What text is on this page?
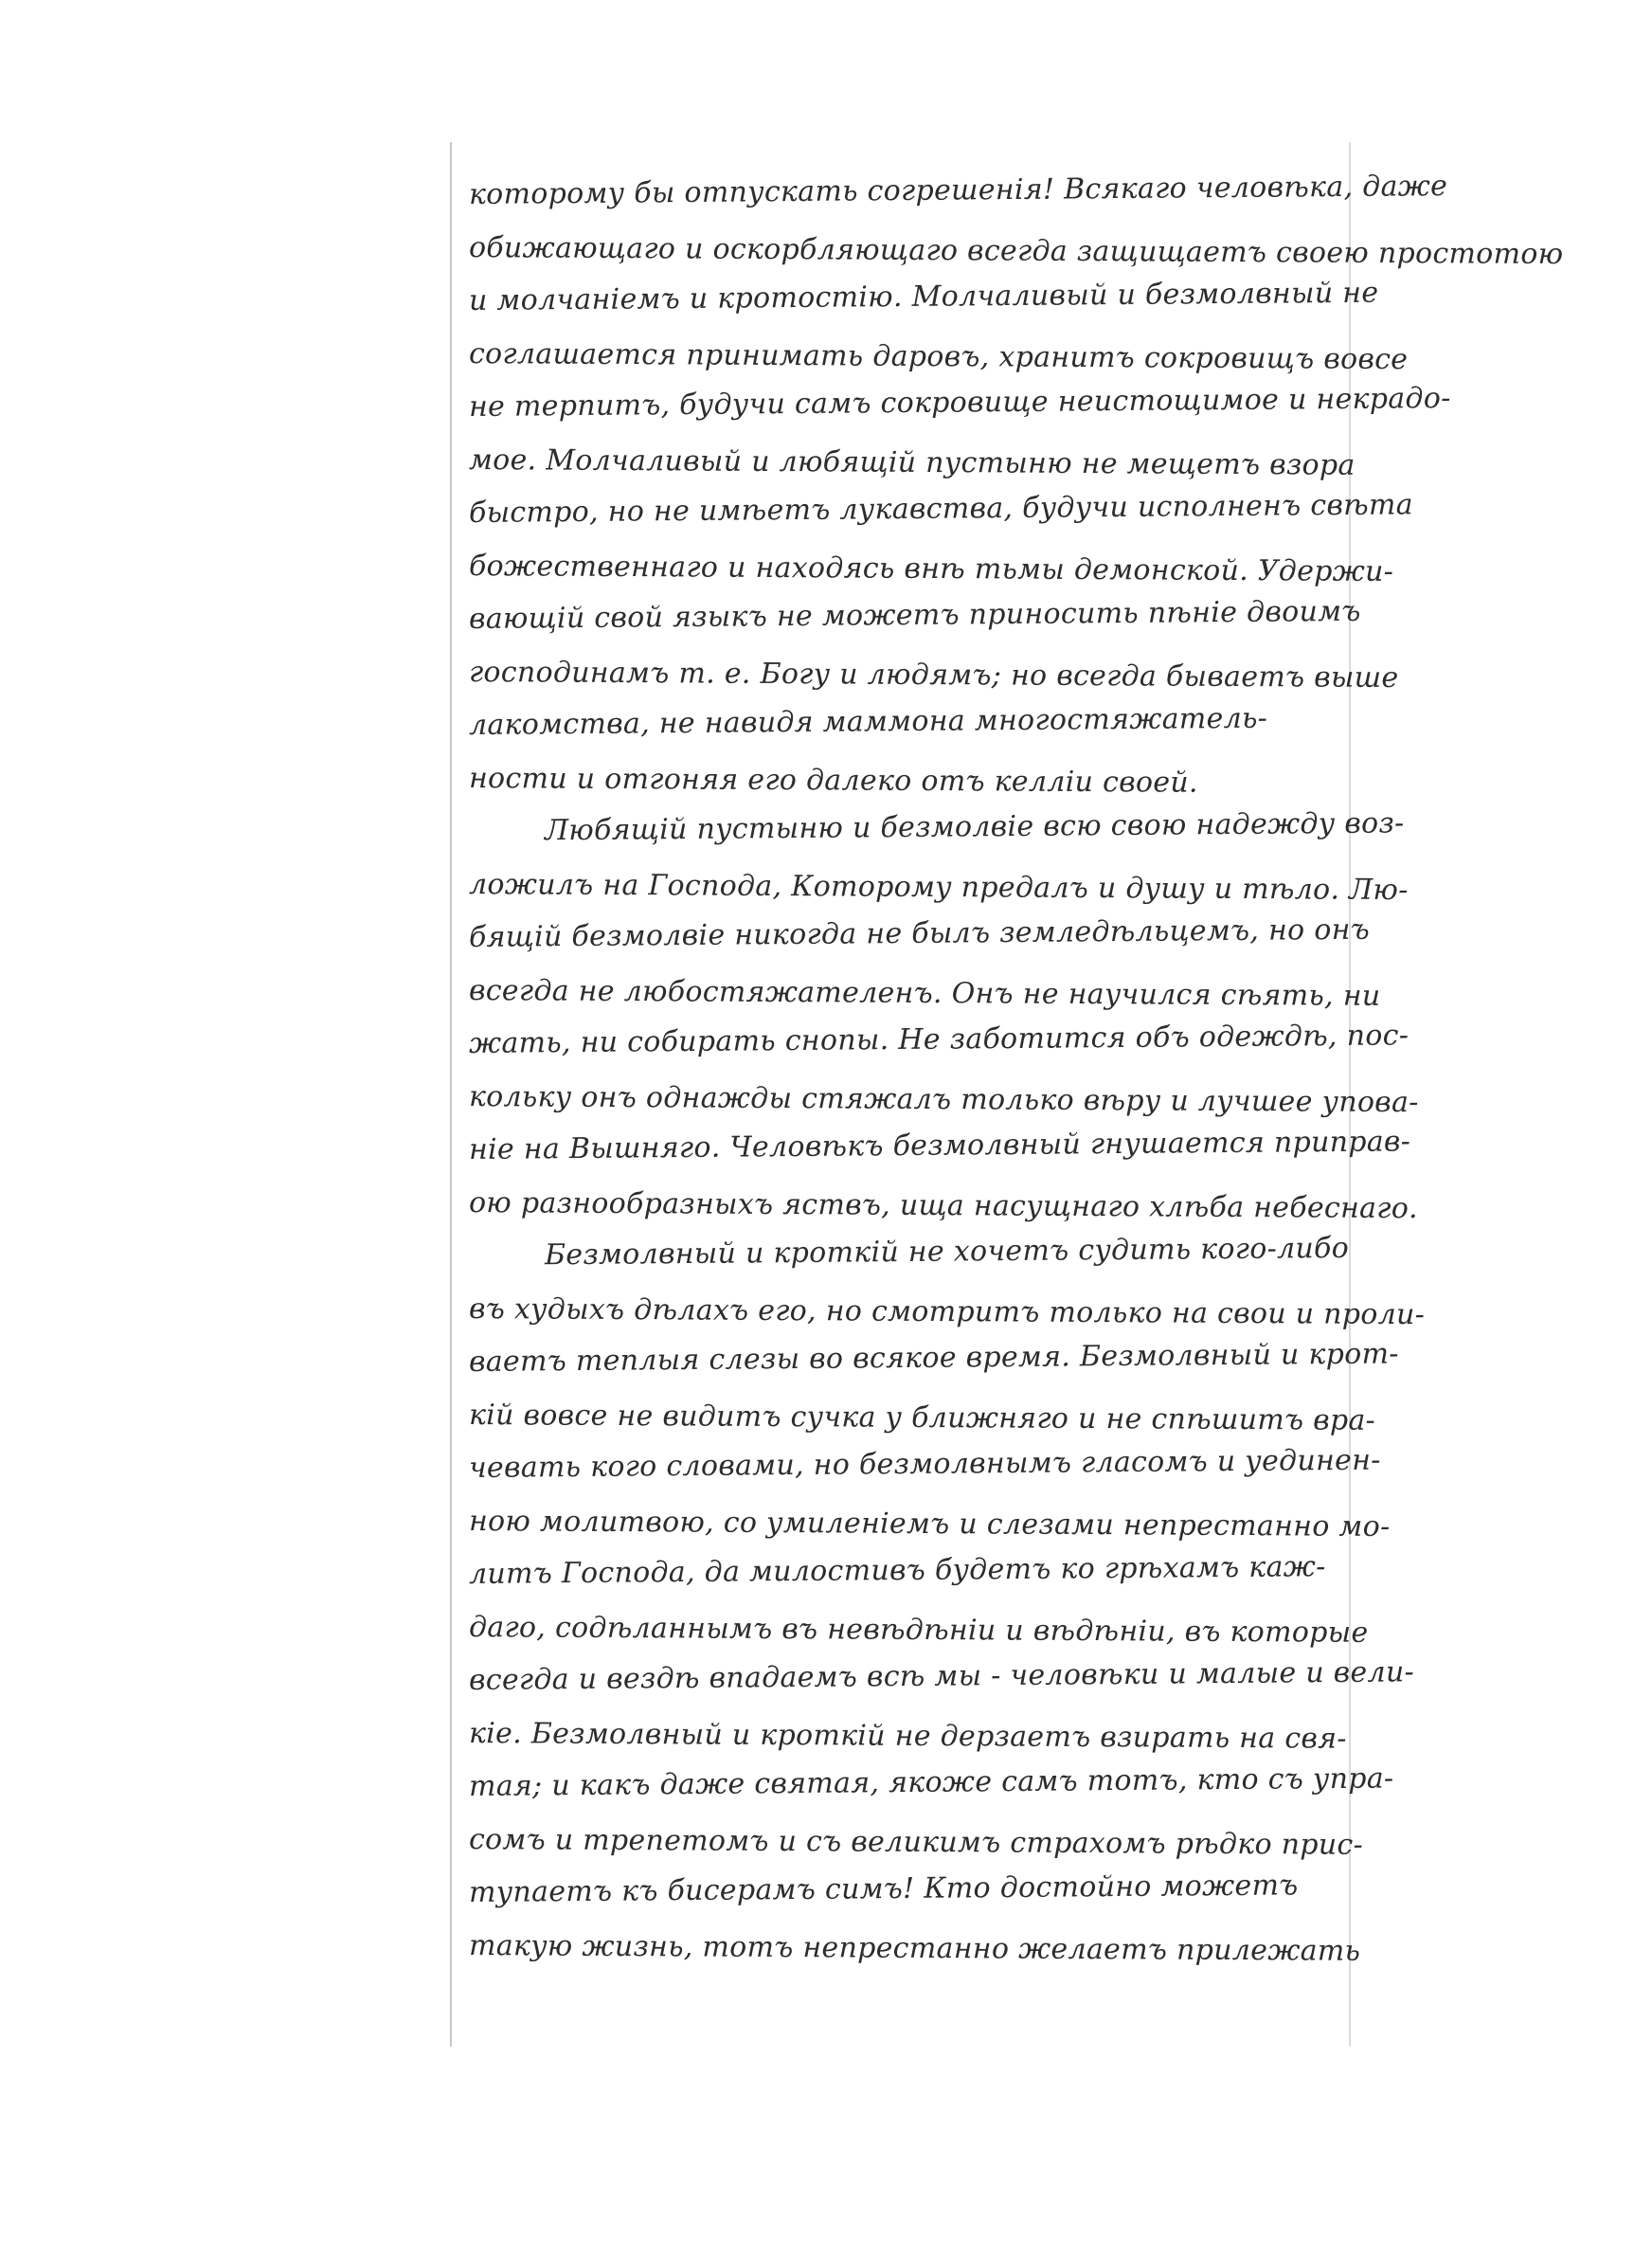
которому бы отпускать согрешенiя! Всякаго человѣка, даже
обижающаго и оскорбляющаго всегда защищаетъ своею простотою
и молчанiемъ и кротостiю. Молчаливый и безмолвный не
соглашается принимать даровъ, хранитъ сокровищъ вовсе
не терпитъ, будучи самъ сокровище неистощимое и некрадо-
мое. Молчаливый и любящiй пустыню не мещетъ взора
быстро, но не имѣетъ лукавства, будучи исполненъ свѣта
божественнаго и находясь внѣ тьмы демонской. Удержи-
вающiй свой языкъ не можетъ приносить пѣнiе двоимъ
господинамъ т. е. Богу и людямъ; но всегда бываетъ выше
лакомства, не навидя маммона многостяжатель-
ности и отгоняя его далеко отъ келлiи своей.
Любящiй пустыню и безмолвiе всю свою надежду воз-
ложилъ на Господа, Которому предалъ и душу и тѣло. Лю-
бящiй безмолвiе никогда не былъ земледѣльцемъ, но онъ
всегда не любостяжателенъ. Онъ не научился сѣять, ни
жать, ни собирать снопы. Не заботится объ одеждѣ, пос-
кольку онъ однажды стяжалъ только вѣру и лучшее упова-
нiе на Вышняго. Человѣкъ безмолвный гнушается приправ-
ою разнообразныхъ яствъ, ища насущнаго хлѣба небеснаго.
Безмолвный и кроткiй не хочетъ судить кого-либо
въ худыхъ дѣлахъ его, но смотритъ только на свои и проли-
ваетъ теплыя слезы во всякое время. Безмолвный и крот-
кiй вовсе не видитъ сучка у ближняго и не спѣшитъ вра-
чевать кого словами, но безмолвнымъ гласомъ и уединен-
ною молитвою, со умиленiемъ и слезами непрестанно мо-
литъ Господа, да милостивъ будетъ ко грѣхамъ каж-
даго, содѣланнымъ въ невѣдѣнiи и вѣдѣнiи, въ которые
всегда и вездѣ впадаемъ всѣ мы - человѣки и малые и вели-
кiе. Безмолвный и кроткiй не дерзаетъ взирать на свя-
тая; и какъ даже святая, якоже самъ тотъ, кто съ упра-
сомъ и трепетомъ и съ великимъ страхомъ рѣдко прис-
тупаетъ къ бисерамъ симъ! Кто достойно можетъ
такую жизнь, тотъ непрестанно желаетъ прилежать
